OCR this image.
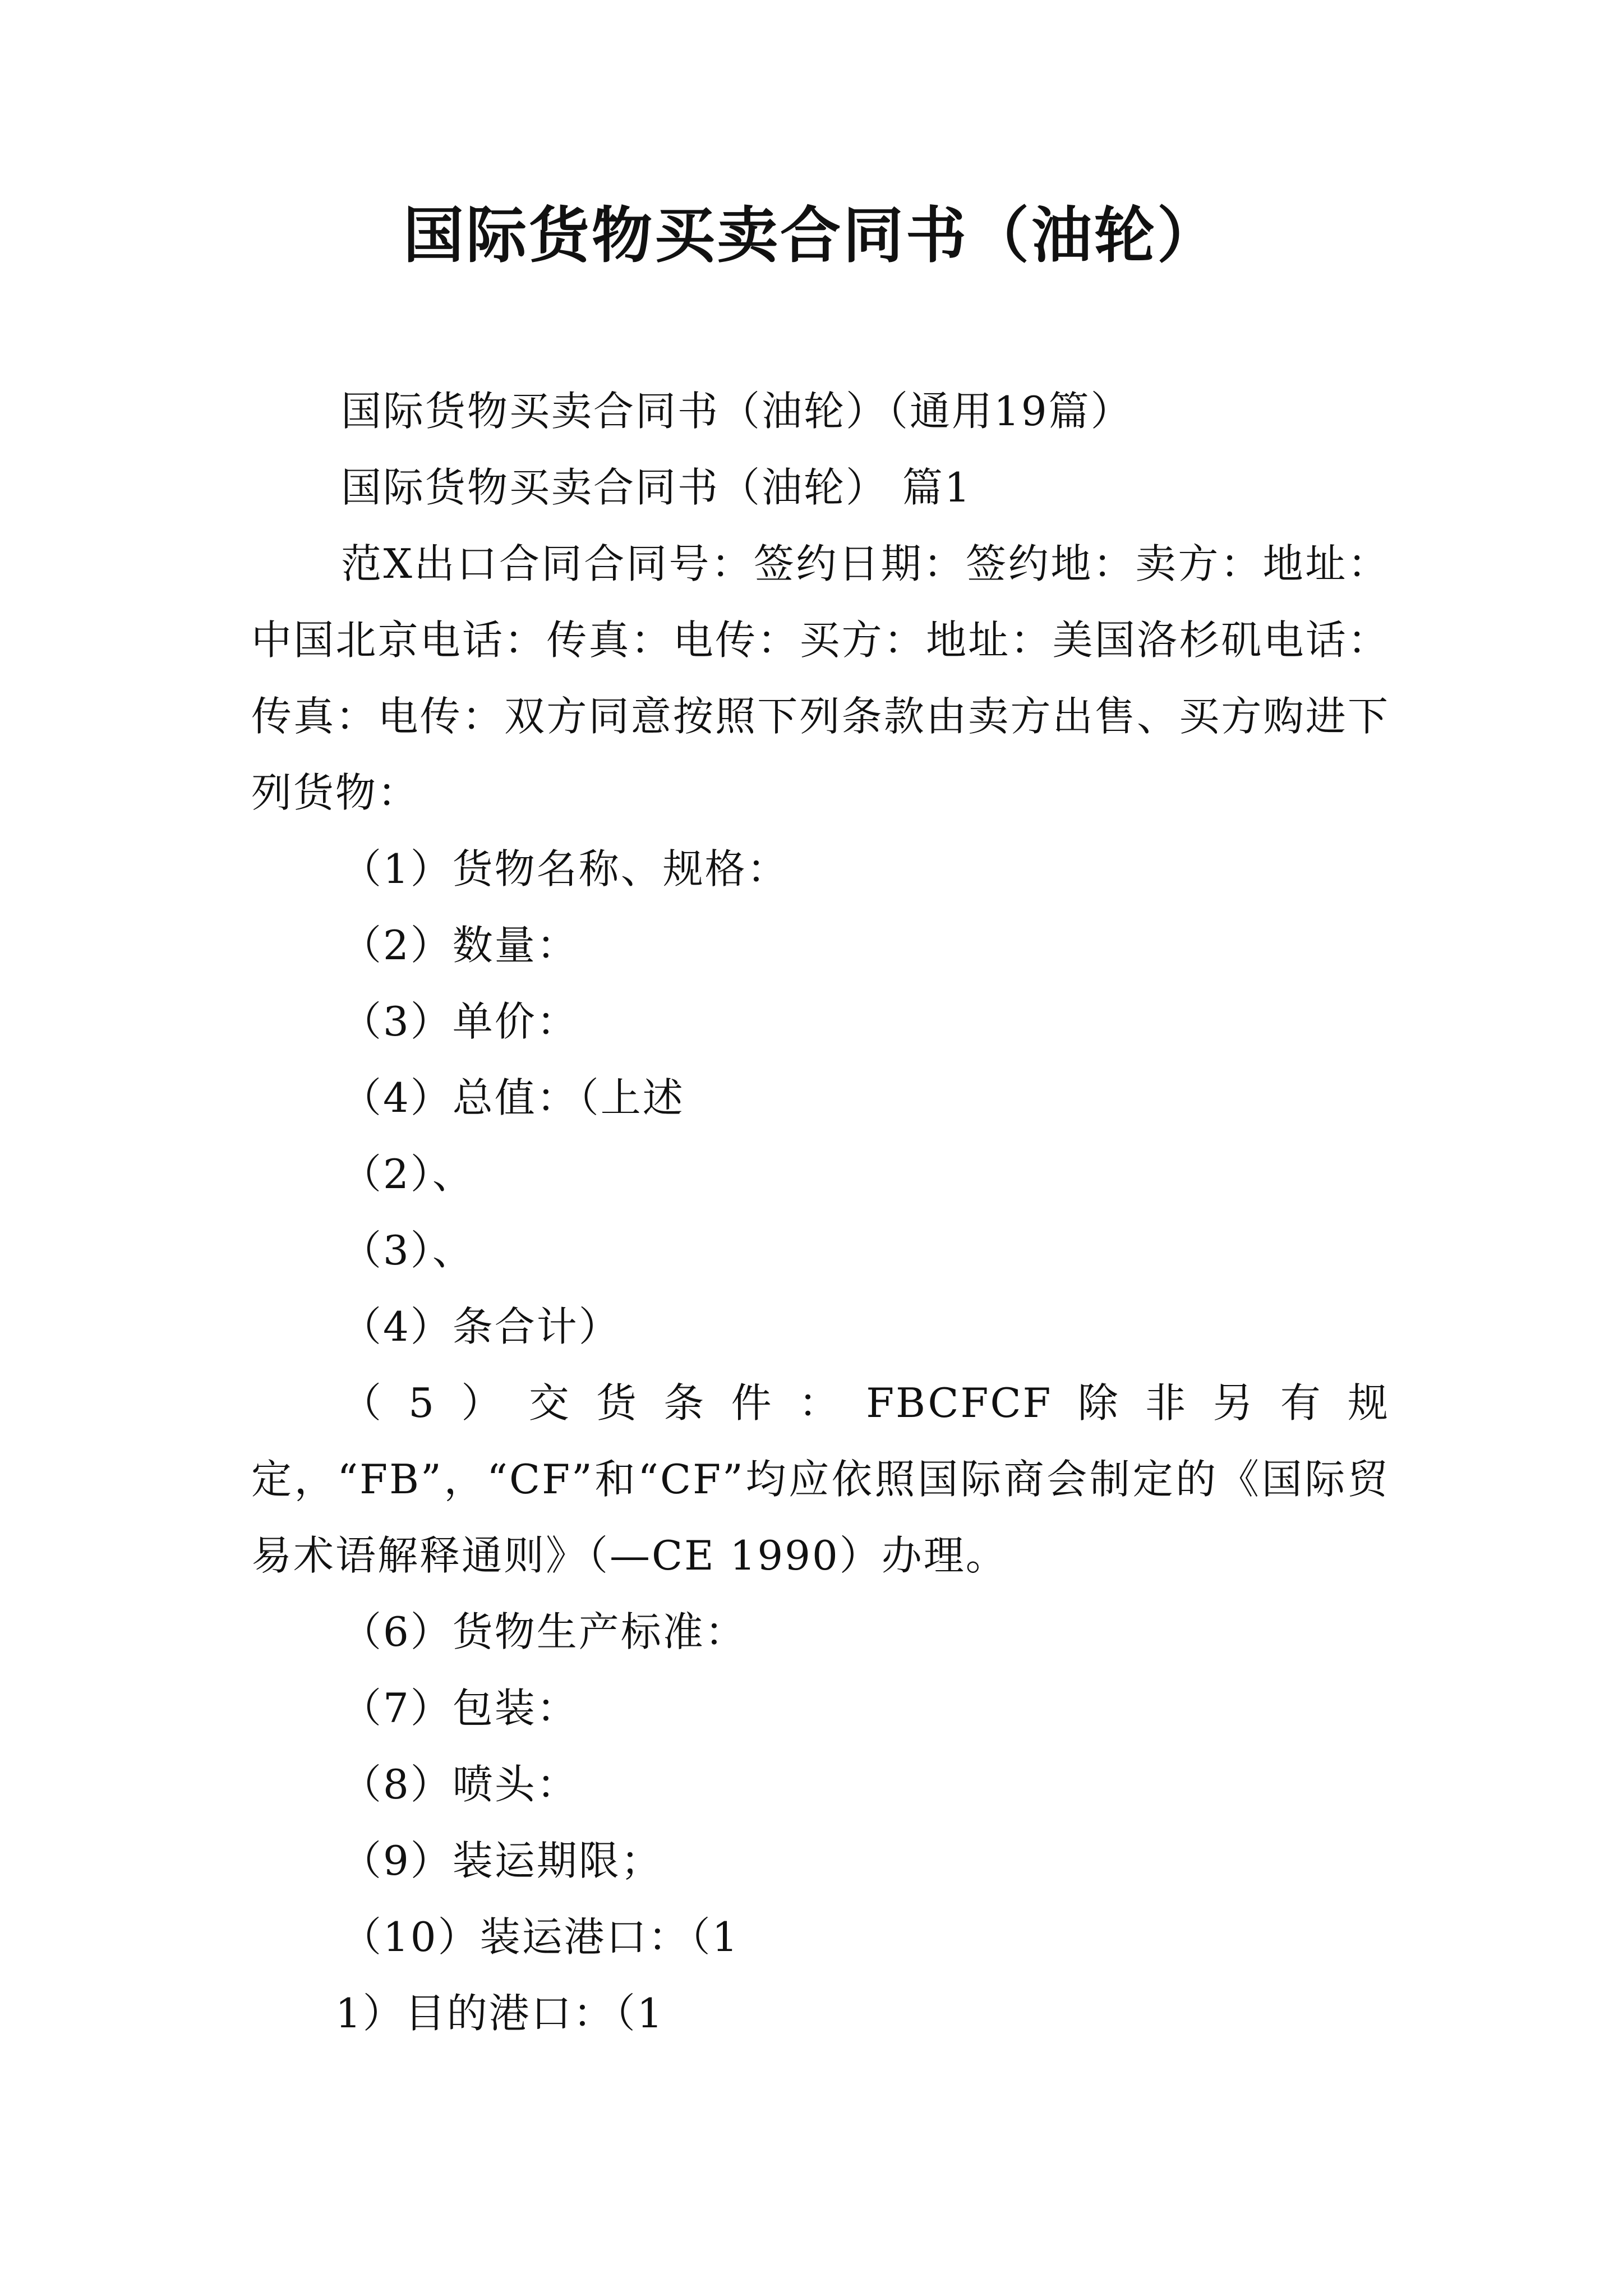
国际货物买卖合同书（油轮）

国际货物买卖合同书（油轮）（通用19篇）

国际货物买卖合同书（油轮） 篇1

范X出口合同合同号：签约日期：签约地：卖方：地址：中国北京电话：传真：电传：买方：地址：美国洛杉矶电话：传真：电传：双方同意按照下列条款由卖方出售、买方购进下列货物：

（1）货物名称、规格：

（2）数量：

（3）单价：

（4）总值：（上述

（2）、

（3）、

（4）条合计）

（5）交货条件：FBCFCF除非另有规定，“FB”，“CF”和“CF”均应依照国际商会制定的《国际贸易术语解释通则》（—CE 1990）办理。

（6）货物生产标准：

（7）包装：

（8）喷头：

（9）装运期限；

（10）装运港口：（1

1）目的港口：（1
